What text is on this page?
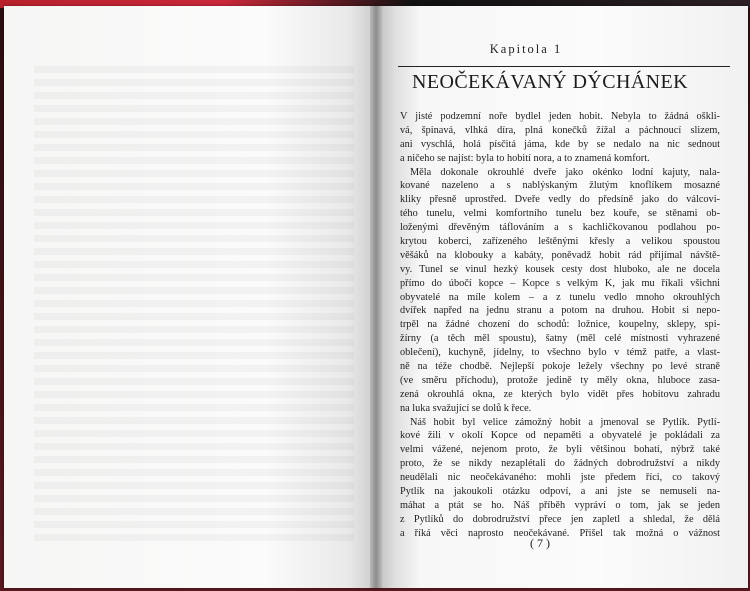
Kapitola 1
NEOČEKÁVANÝ DÝCHÁNEK
V jisté podzemní noře bydlel jeden hobit. Nebyla to žádná oškli-
vá, špinavá, vlhká díra, plná konečků žížal a páchnoucí slizem,
ani vyschlá, holá písčitá jáma, kde by se nedalo na nic sednout
a ničeho se najíst: byla to hobití nora, a to znamená komfort.
Měla dokonale okrouhlé dveře jako okénko lodní kajuty, nala-
kované nazeleno a s nablýskaným žlutým knoflíkem mosazné
kliky přesně uprostřed. Dveře vedly do předsíně jako do válcovi-
tého tunelu, velmi komfortního tunelu bez kouře, se stěnami ob-
loženými dřevěným táflováním a s kachličkovanou podlahou po-
krytou koberci, zařízeného leštěnými křesly a velikou spoustou
věšáků na klobouky a kabáty, poněvadž hobit rád přijímal návště-
vy. Tunel se vinul hezký kousek cesty dost hluboko, ale ne docela
přímo do úbočí kopce – Kopce s velkým K, jak mu říkali všichni
obyvatelé na míle kolem – a z tunelu vedlo mnoho okrouhlých
dvířek napřed na jednu stranu a potom na druhou. Hobit si nepo-
trpěl na žádné chození do schodů: ložnice, koupelny, sklepy, spi-
žírny (a těch měl spoustu), šatny (měl celé místnosti vyhrazené
oblečení), kuchyně, jídelny, to všechno bylo v témž patře, a vlast-
ně na téže chodbě. Nejlepší pokoje ležely všechny po levé straně
(ve směru příchodu), protože jedině ty měly okna, hluboce zasa-
zená okrouhlá okna, ze kterých bylo vidět přes hobitovu zahradu
na luka svažující se dolů k řece.
Náš hobit byl velice zámožný hobit a jmenoval se Pytlík. Pytlí-
kové žili v okolí Kopce od nepaměti a obyvatelé je pokládali za
velmi vážené, nejenom proto, že byli většinou bohatí, nýbrž také
proto, že se nikdy nezaplétali do žádných dobrodružství a nikdy
neudělali nic neočekávaného: mohli jste předem říci, co takový
Pytlík na jakoukoli otázku odpoví, a ani jste se nemuseli na-
máhat a ptát se ho. Náš příběh vypráví o tom, jak se jeden
z Pytlíků do dobrodružství přece jen zapletl a shledal, že dělá
a říká věci naprosto neočekávané. Přišel tak možná o vážnost
( 7 )
